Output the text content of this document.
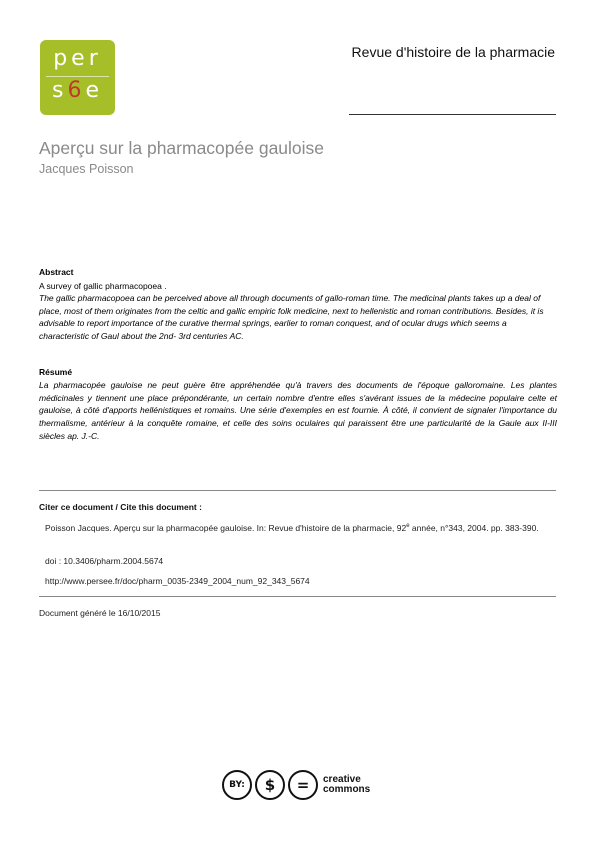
per
s6e
Revue d'histoire de la pharmacie
Aperçu sur la pharmacopée gauloise
Jacques Poisson
Abstract
A survey of gallic pharmacopoea .
The gallic pharmacopoea can be perceived above all through documents of gallo-roman time. The medicinal plants takes up a deal of place, most of them originates from the celtic and gallic empiric folk medicine, next to hellenistic and roman contributions. Besides, it is advisable to report importance of the curative thermal springs, earlier to roman conquest, and of ocular drugs which seems a characteristic of Gaul about the 2nd- 3rd centuries AC.
Résumé
La pharmacopée gauloise ne peut guère être appréhendée qu'à travers des documents de l'époque galloromaine. Les plantes médicinales y tiennent une place prépondérante, un certain nombre d'entre elles s'avérant issues de la médecine populaire celte et gauloise, à côté d'apports hellénistiques et romains. Une série d'exemples en est fournie. À côté, il convient de signaler l'importance du thermalisme, antérieur à la conquête romaine, et celle des soins oculaires qui paraissent être une particularité de la Gaule aux II-III siècles ap. J.-C.
Citer ce document / Cite this document :
Poisson Jacques. Aperçu sur la pharmacopée gauloise. In: Revue d'histoire de la pharmacie, 92e année, n°343, 2004. pp. 383-390.
doi : 10.3406/pharm.2004.5674
http://www.persee.fr/doc/pharm_0035-2349_2004_num_92_343_5674
Document généré le 16/10/2015
BY:	$	=	creative
commons
